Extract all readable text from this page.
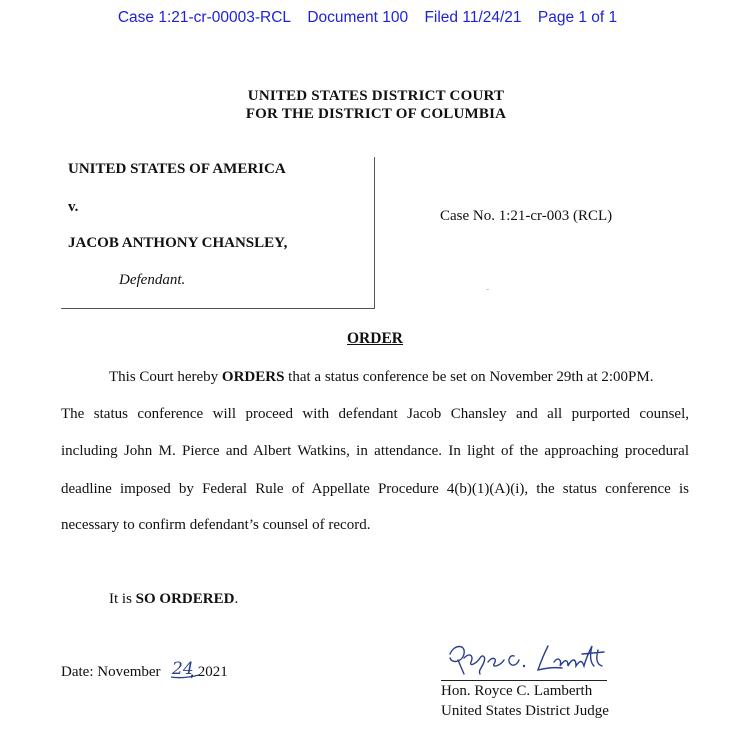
Case 1:21-cr-00003-RCL Document 100 Filed 11/24/21 Page 1 of 1
UNITED STATES DISTRICT COURT
FOR THE DISTRICT OF COLUMBIA
UNITED STATES OF AMERICA
v.
JACOB ANTHONY CHANSLEY,
Defendant.
Case No. 1:21-cr-003 (RCL)
ORDER
This Court hereby ORDERS that a status conference be set on November 29th at 2:00PM.
The status conference will proceed with defendant Jacob Chansley and all purported counsel,
including John M. Pierce and Albert Watkins, in attendance. In light of the approaching procedural
deadline imposed by Federal Rule of Appellate Procedure 4(b)(1)(A)(i), the status conference is
necessary to confirm defendant’s counsel of record.
It is SO ORDERED.
Date: November , 2021
24
Hon. Royce C. Lamberth
United States District Judge
